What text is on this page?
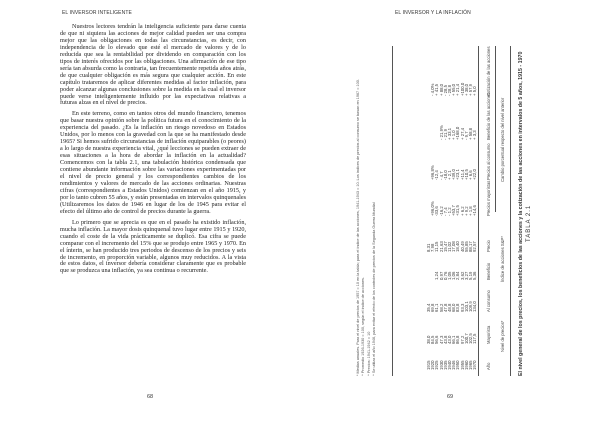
EL INVERSOR INTELIGENTE

Nuestros lectores tendrán la inteligencia suficiente para darse cuenta de que ni siquiera las acciones de mejor calidad pueden ser una compra mejor que las obligaciones en todas las circunstancias, es decir, con independencia de lo elevado que esté el mercado de valores y de lo reducida que sea la rentabilidad por dividendo en comparación con los tipos de interés ofrecidos por las obligaciones. Una afirmación de ese tipo sería tan absurda como la contraria, tan frecuentemente repetida años atrás, de que cualquier obligación es más segura que cualquier acción. En este capítulo trataremos de aplicar diferentes medidas al factor inflación, para poder alcanzar algunas conclusiones sobre la medida en la cual el inversor puede verse inteligentemente influido por las expectativas relativas a futuras alzas en el nivel de precios.

En este terreno, como en tantos otros del mundo financiero, tenemos que basar nuestra opinión sobre la política futura en el conocimiento de la experiencia del pasado. ¿Es la inflación un riesgo novedoso en Estados Unidos, por lo menos con la gravedad con la que se ha manifestado desde 1965? Si hemos sufrido circunstancias de inflación equiparables (o peores) a lo largo de nuestra experiencia vital, ¿qué lecciones se pueden extraer de esas situaciones a la hora de abordar la inflación en la actualidad? Comencemos con la tabla 2.1, una tabulación histórica condensada que contiene abundante información sobre las variaciones experimentadas por el nivel de precio general y los correspondientes cambios de los rendimientos y valores de mercado de las acciones ordinarias. Nuestras cifras (correspondientes a Estados Unidos) comienzan en el año 1915, y por lo tanto cubren 55 años, y están presentadas en intervalos quinquenales (Utilizaremos los datos de 1946 en lugar de los de 1945 para evitar el efecto del último año de control de precios durante la guerra.

Lo primero que se aprecia es que en el pasado ha existido inflación, mucha inflación. La mayor dosis quinquenal tuvo lugar entre 1915 y 1920, cuando el coste de la vida prácticamente se duplicó. Esa cifra se puede comparar con el incremento del 15% que se produjo entre 1965 y 1970. En el ínterin, se han producido tres periodos de descenso de los precios y seis de incremento, en proporción variable, algunos muy reducidos. A la vista de estos datos, el inversor debería considerar claramente que es probable que se produzca una inflación, ya sea continua o recurrente.

68
EL INVERSOR Y LA INFLACIÓN
TABLA 2.1
El nivel general de los precios, los beneficios de las acciones y la cotización de las acciones en intervalos de 5 años, 1915 - 1970
Nivel de precios*
Índice de acciones S&P*
Cambio porcentual respecto del nivel anterior
Año
Mayorista
Al consumo
Beneficio
Precio
Precios mayoristas
Precios al consumo
Beneficio de las acciones
Cotización de las acciones
1915
38,0
35,4
8,31
1920
84,5
69,8
7,98
+96,0%
+96,8%
- 4,0%
1925
56,6
61,1
1,24
11,15
-33,6
-12,4
+ 41,5
1930
47,3
58,2
0,97
21,63
-16,2
- 4,7
- 21,9%
+ 88,0
1935
43,8
47,8
0,76
15,47
- 7,4
-18,0
- 21,9
- 28,5
1940
43,0
48,8
1,05
11,02
- 1,2
+ 2,1
+ 33,1
- 28,8
1946
66,1
68,0
1,06
17,08
+53,7
+39,0
+ 1,0
+ 55,0
1950
86,8
83,8
2,84
18,40
+31,5
+23,1
+168,0
+ 21,4
1955
97,2
93,3
3,62
40,49
+ 6,2
+11,4
+ 27,4
+100,0
1960
100,7
103,1
3,27
55,85
+ 9,2
+10,5
- 9,7
+ 38,0
1965
102,5
109,9
5,19
88,17
+ 1,8
+ 6,6
+ 58,8
+ 57,9
1970
117,5
134,0
5,36
92,57
+14,6
+22,0
+ 3,3
+ 5,0
* Medias anuales. Para el nivel de precios de 1957 = 10 en la tabla; para el índice de las acciones, 1941-1943 = 10. Los índices de precios al consumo se basan en 1967 = 100. ^ Promedio 1926-1930 = 100, según el índice de acciones. ^ Precios: 1941-1942 = 10 ^ Se utiliza el año 1946, para evitar el efecto de los controles de precios de la Segunda Guerra Mundial
69
